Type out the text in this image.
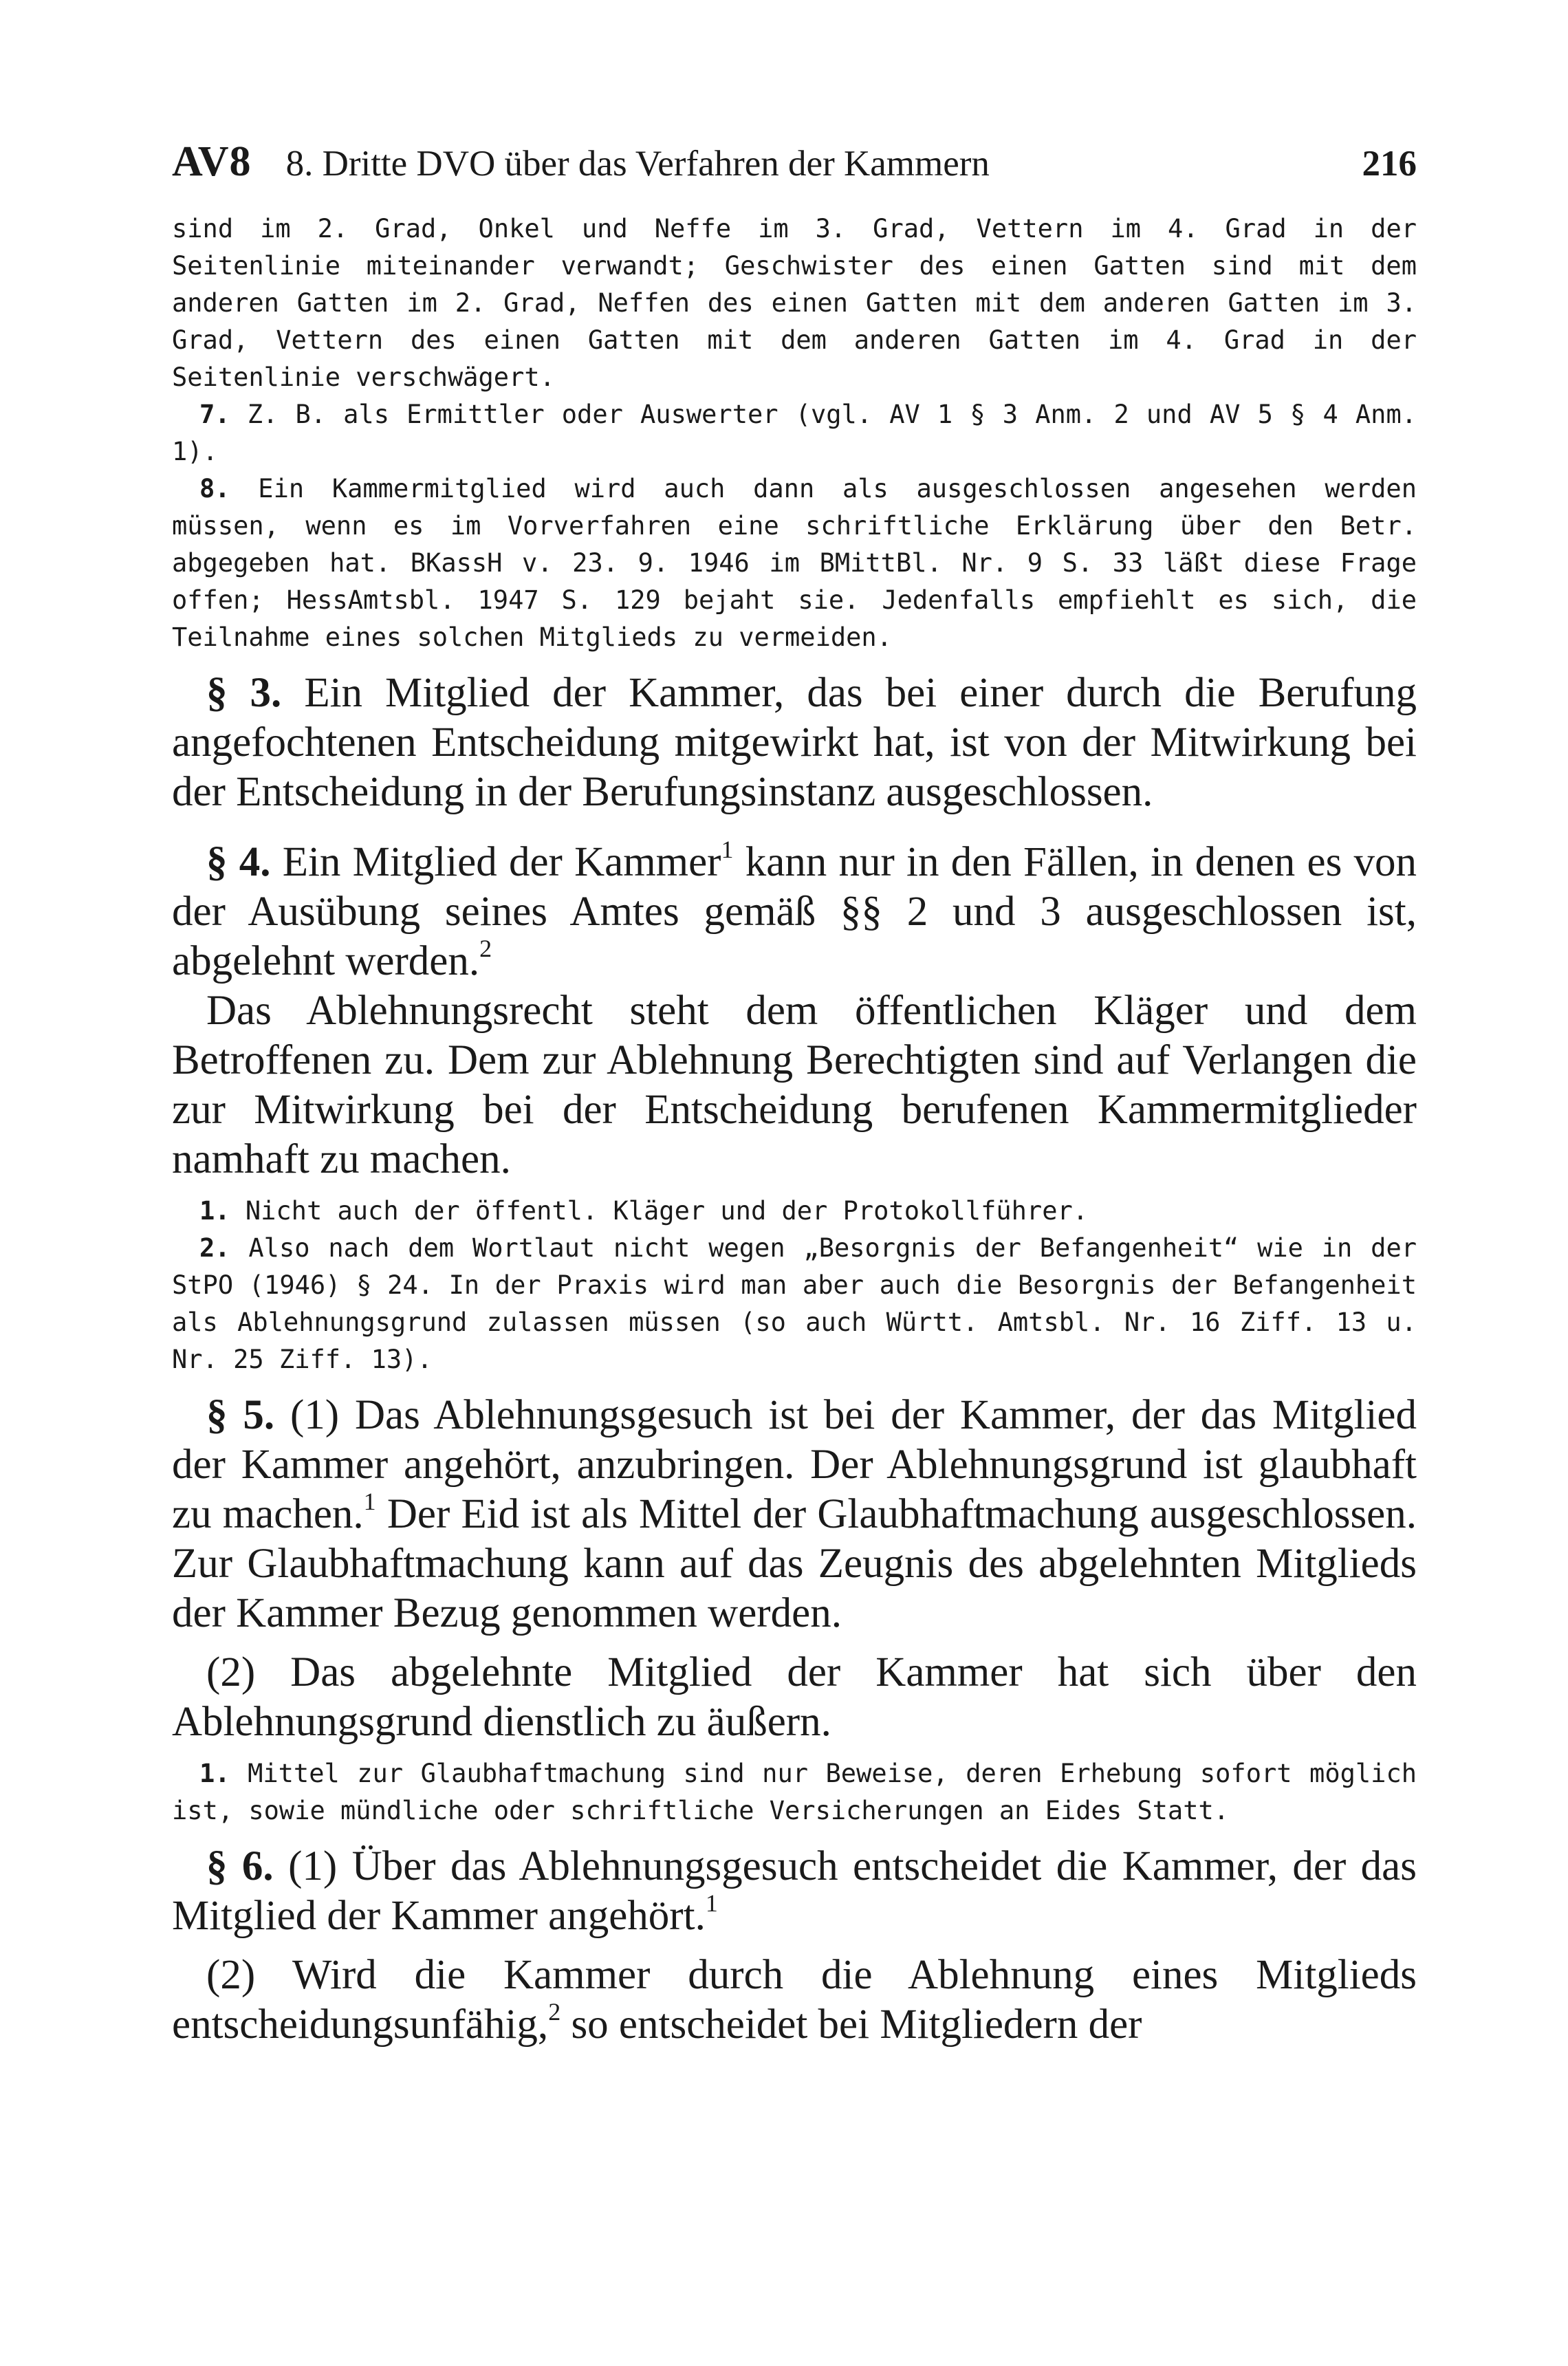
AV8 8. Dritte DVO über das Verfahren der Kammern	216

sind im 2. Grad, Onkel und Neffe im 3. Grad, Vettern im 4. Grad in der Seitenlinie miteinander verwandt; Geschwister des einen Gatten sind mit dem anderen Gatten im 2. Grad, Neffen des einen Gatten mit dem anderen Gatten im 3. Grad, Vettern des einen Gatten mit dem anderen Gatten im 4. Grad in der Seitenlinie verschwägert.

7. Z. B. als Ermittler oder Auswerter (vgl. AV 1 § 3 Anm. 2 und AV 5 § 4 Anm. 1).

8. Ein Kammermitglied wird auch dann als ausgeschlossen angesehen werden müssen, wenn es im Vorverfahren eine schriftliche Erklärung über den Betr. abgegeben hat. BKassH v. 23. 9. 1946 im BMittBl. Nr. 9 S. 33 läßt diese Frage offen; HessAmtsbl. 1947 S. 129 bejaht sie. Jedenfalls empfiehlt es sich, die Teilnahme eines solchen Mitglieds zu vermeiden.

§ 3. Ein Mitglied der Kammer, das bei einer durch die Berufung angefochtenen Entscheidung mitgewirkt hat, ist von der Mitwirkung bei der Entscheidung in der Berufungsinstanz ausgeschlossen.

§ 4. Ein Mitglied der Kammer$^1$ kann nur in den Fällen, in denen es von der Ausübung seines Amtes gemäß §§ 2 und 3 ausgeschlossen ist, abgelehnt werden.$^2$

Das Ablehnungsrecht steht dem öffentlichen Kläger und dem Betroffenen zu. Dem zur Ablehnung Berechtigten sind auf Verlangen die zur Mitwirkung bei der Entscheidung berufenen Kammermitglieder namhaft zu machen.

1. Nicht auch der öffentl. Kläger und der Protokollführer.

2. Also nach dem Wortlaut nicht wegen „Besorgnis der Befangenheit“ wie in der StPO (1946) § 24. In der Praxis wird man aber auch die Besorgnis der Befangenheit als Ablehnungsgrund zulassen müssen (so auch Württ. Amtsbl. Nr. 16 Ziff. 13 u. Nr. 25 Ziff. 13).

§ 5. (1) Das Ablehnungsgesuch ist bei der Kammer, der das Mitglied der Kammer angehört, anzubringen. Der Ablehnungsgrund ist glaubhaft zu machen.$^1$ Der Eid ist als Mittel der Glaubhaftmachung ausgeschlossen. Zur Glaubhaftmachung kann auf das Zeugnis des abgelehnten Mitglieds der Kammer Bezug genommen werden.

(2) Das abgelehnte Mitglied der Kammer hat sich über den Ablehnungsgrund dienstlich zu äußern.

1. Mittel zur Glaubhaftmachung sind nur Beweise, deren Erhebung sofort möglich ist, sowie mündliche oder schriftliche Versicherungen an Eides Statt.

§ 6. (1) Über das Ablehnungsgesuch entscheidet die Kammer, der das Mitglied der Kammer angehört.$^1$

(2) Wird die Kammer durch die Ablehnung eines Mitglieds entscheidungsunfähig,$^2$ so entscheidet bei Mitgliedern der
